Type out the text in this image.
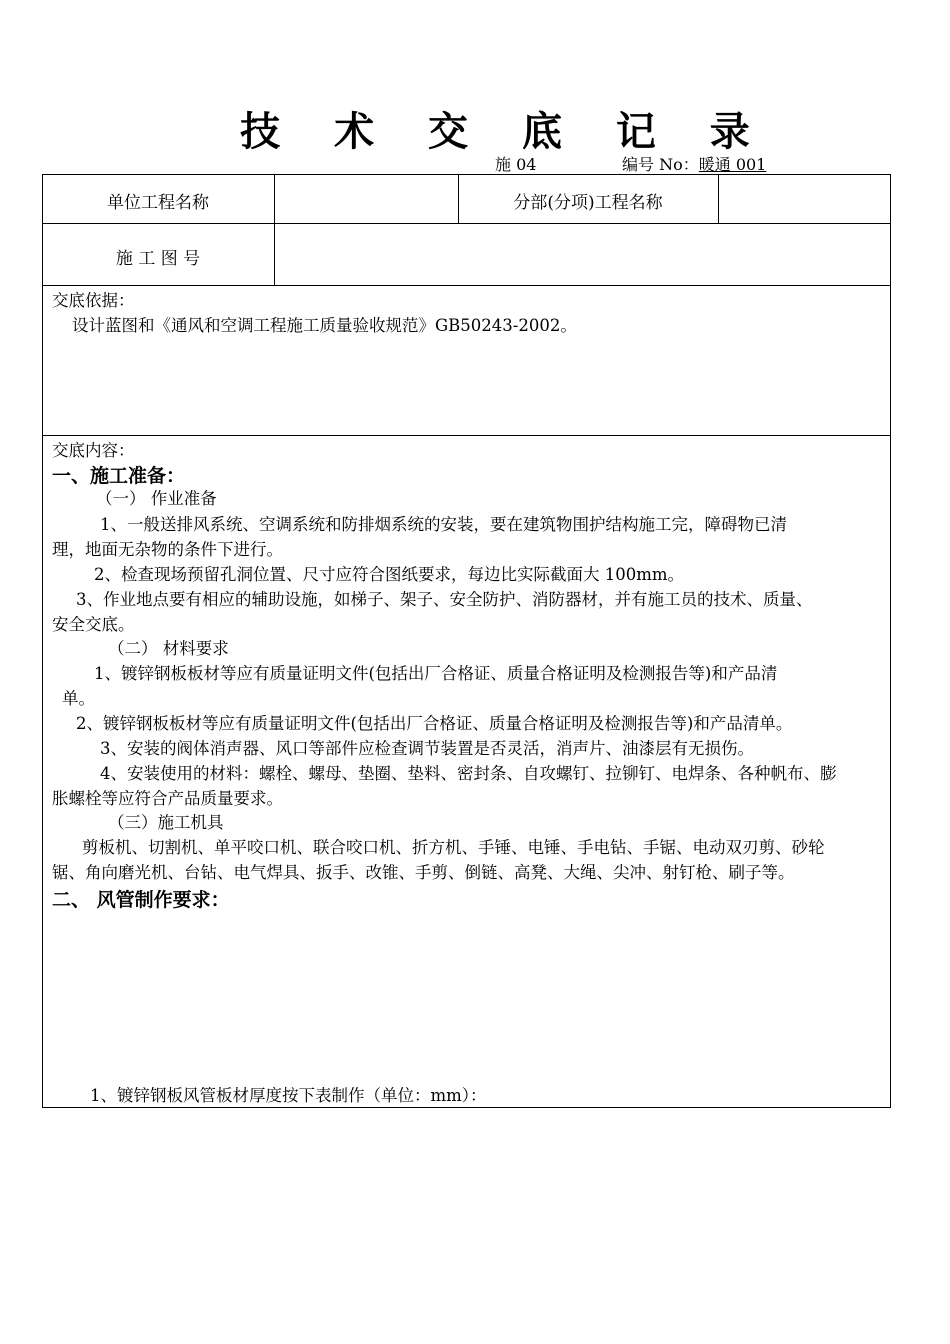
技 术 交 底 记 录
施 04	编号 No：暖通 001
单位工程名称	分部(分项)工程名称
施 工 图 号
交底依据：
设计蓝图和《通风和空调工程施工质量验收规范》GB50243-2002。
交底内容：
一、施工准备：
（一） 作业准备
1、一般送排风系统、空调系统和防排烟系统的安装，要在建筑物围护结构施工完，障碍物已清
理，地面无杂物的条件下进行。
2、检查现场预留孔洞位置、尺寸应符合图纸要求，每边比实际截面大 100mm。
3、作业地点要有相应的辅助设施，如梯子、架子、安全防护、消防器材，并有施工员的技术、质量、
安全交底。
（二） 材料要求
1、镀锌钢板板材等应有质量证明文件(包括出厂合格证、质量合格证明及检测报告等)和产品清
单。
2、镀锌钢板板材等应有质量证明文件(包括出厂合格证、质量合格证明及检测报告等)和产品清单。
3、安装的阀体消声器、风口等部件应检查调节装置是否灵活，消声片、油漆层有无损伤。
4、安装使用的材料：螺栓、螺母、垫圈、垫料、密封条、自攻螺钉、拉铆钉、电焊条、各种帆布、膨
胀螺栓等应符合产品质量要求。
（三）施工机具
剪板机、切割机、单平咬口机、联合咬口机、折方机、手锤、电锤、手电钻、手锯、电动双刃剪、砂轮
锯、角向磨光机、台钻、电气焊具、扳手、改锥、手剪、倒链、高凳、大绳、尖冲、射钉枪、刷子等。
二、 风管制作要求：
1、镀锌钢板风管板材厚度按下表制作（单位：mm）：
